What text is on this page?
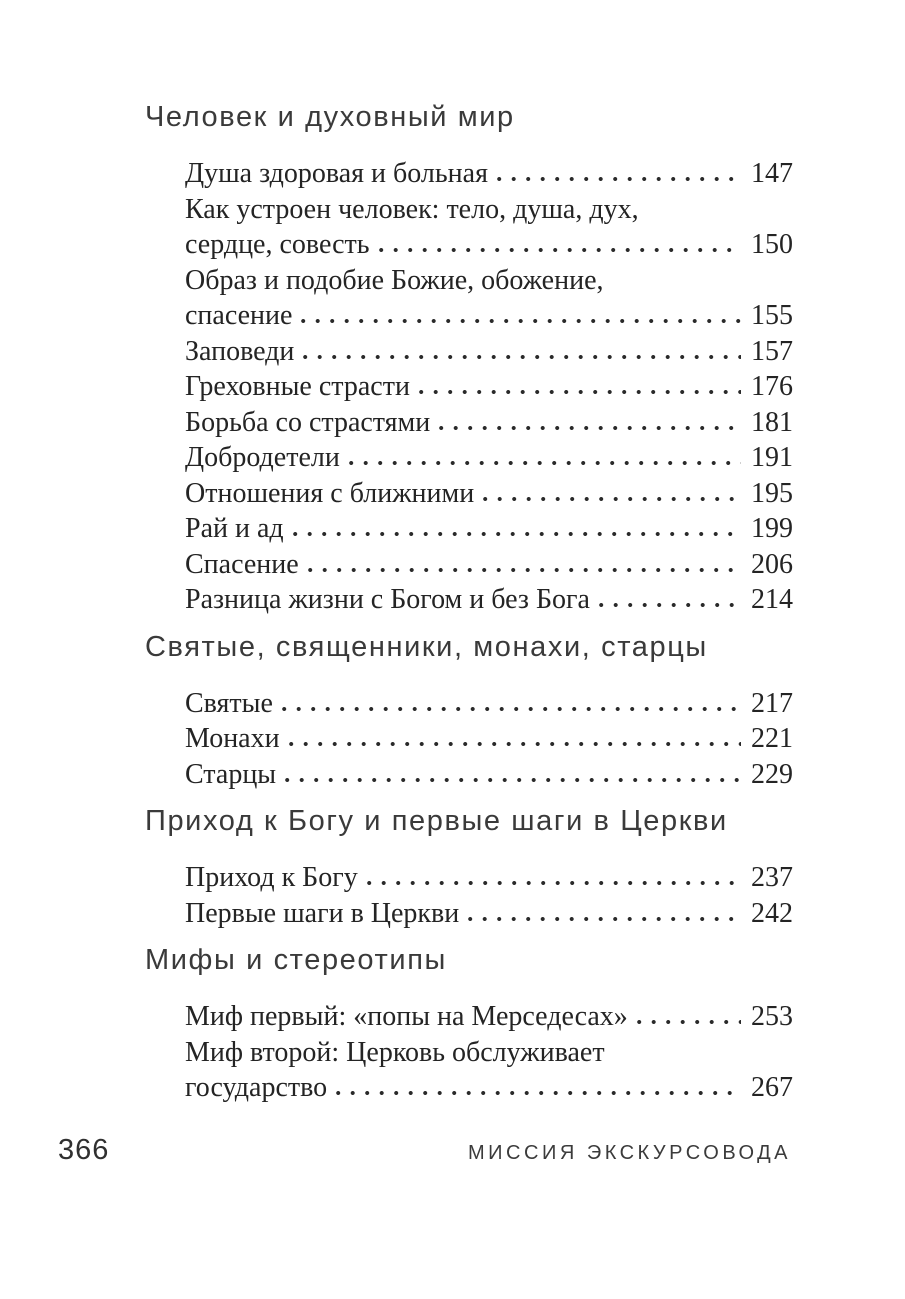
Человек и духовный мир
Душа здоровая и больная	147
Как устроен человек: тело, душа, дух,
сердце, совесть	150
Образ и подобие Божие, обожение,
спасение	155
Заповеди	157
Греховные страсти	176
Борьба со страстями	181
Добродетели	191
Отношения с ближними	195
Рай и ад	199
Спасение	206
Разница жизни с Богом и без Бога	214
Святые, священники, монахи, старцы
Святые	217
Монахи	221
Старцы	229
Приход к Богу и первые шаги в Церкви
Приход к Богу	237
Первые шаги в Церкви	242
Мифы и стереотипы
Миф первый: «попы на Мерседесах»	253
Миф второй: Церковь обслуживает
государство	267
366	МИССИЯ ЭКСКУРСОВОДА
